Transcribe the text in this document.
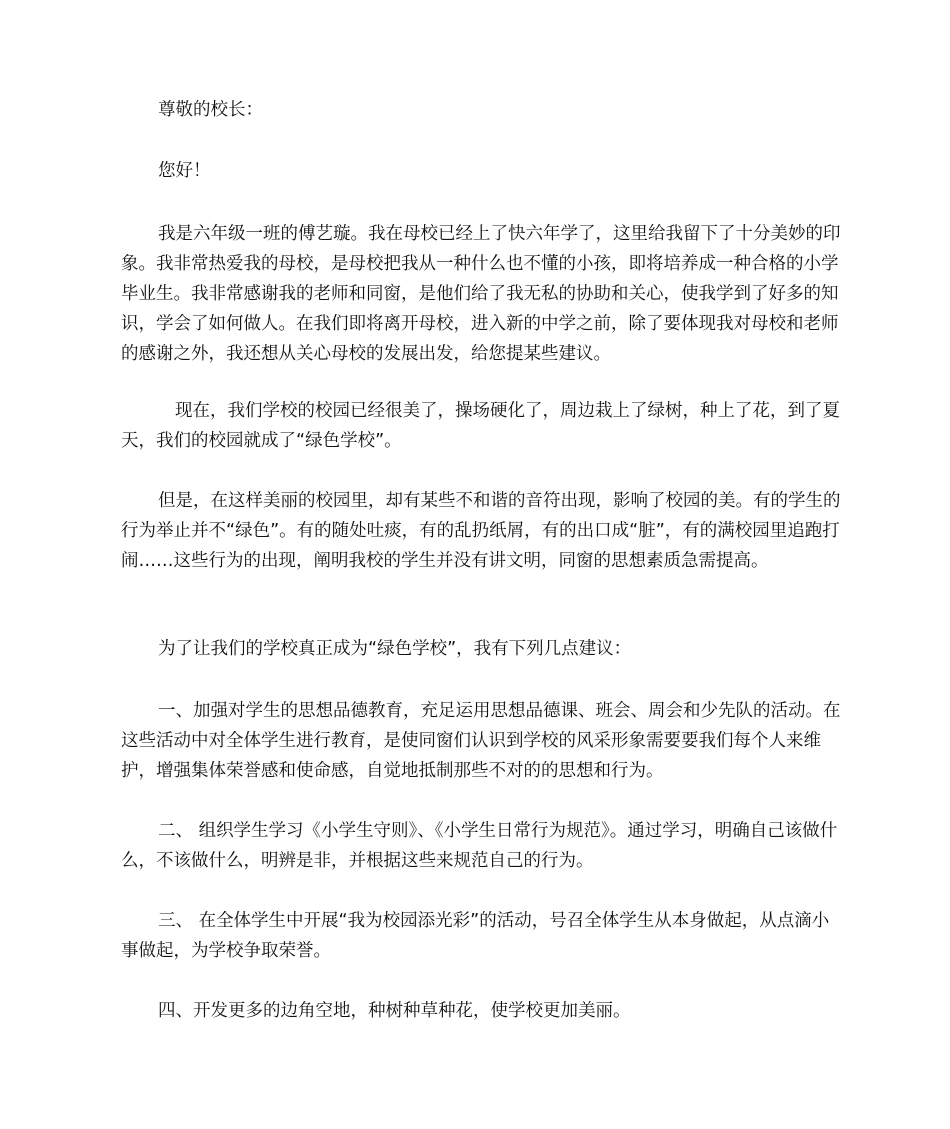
尊敬的校长：

您好！

我是六年级一班的傅艺璇。我在母校已经上了快六年学了，这里给我留下了十分美妙的印象。我非常热爱我的母校，是母校把我从一种什么也不懂的小孩，即将培养成一种合格的小学毕业生。我非常感谢我的老师和同窗，是他们给了我无私的协助和关心，使我学到了好多的知识，学会了如何做人。在我们即将离开母校，进入新的中学之前，除了要体现我对母校和老师的感谢之外，我还想从关心母校的发展出发，给您提某些建议。

现在，我们学校的校园已经很美了，操场硬化了，周边栽上了绿树，种上了花，到了夏天，我们的校园就成了“绿色学校”。

但是，在这样美丽的校园里，却有某些不和谐的音符出现，影响了校园的美。有的学生的行为举止并不“绿色”。有的随处吐痰，有的乱扔纸屑，有的出口成“脏”，有的满校园里追跑打闹……这些行为的出现，阐明我校的学生并没有讲文明，同窗的思想素质急需提高。

为了让我们的学校真正成为“绿色学校”，我有下列几点建议：

一、加强对学生的思想品德教育，充足运用思想品德课、班会、周会和少先队的活动。在这些活动中对全体学生进行教育，是使同窗们认识到学校的风采形象需要要我们每个人来维护，增强集体荣誉感和使命感，自觉地抵制那些不对的的思想和行为。

二、 组织学生学习《小学生守则》、《小学生日常行为规范》。通过学习，明确自己该做什么，不该做什么，明辨是非，并根据这些来规范自己的行为。

三、 在全体学生中开展“我为校园添光彩”的活动，号召全体学生从本身做起，从点滴小事做起，为学校争取荣誉。

四、开发更多的边角空地，种树种草种花，使学校更加美丽。
